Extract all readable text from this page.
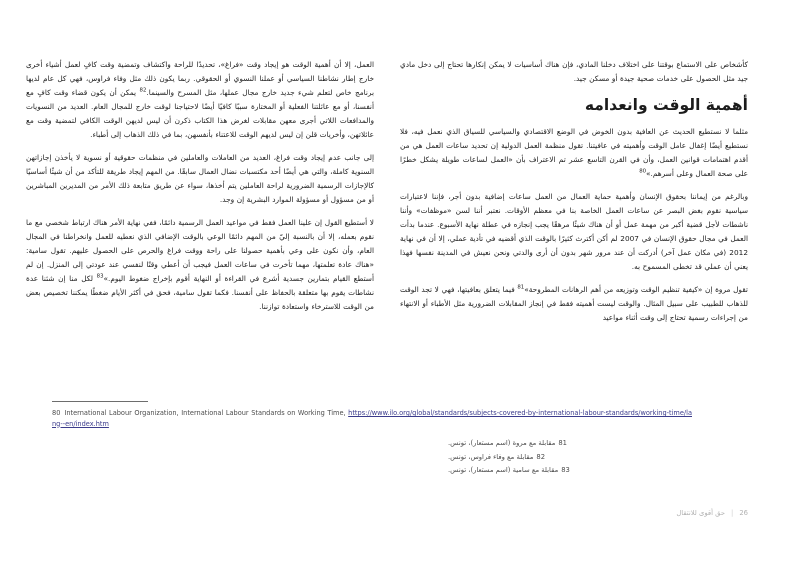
كأشخاص على الاستماع بوقتنا على اختلاف دخلنا المادي، فإن هناك أساسيات لا يمكن إنكارها تحتاج إلى دخل مادي جيد مثل الحصول على خدمات صحية جيدة أو مسكن جيد.

أهمية الوقت وانعدامه

مثلما لا نستطيع الحديث عن العافية بدون الخوض في الوضع الاقتصادي والسياسي للسياق الذي نعمل فيه، فلا نستطيع أيضًا إغفال عامل الوقت وأهميته في عافيتنا. تقول منظمة العمل الدولية إن تحديد ساعات العمل هي من أقدم اهتمامات قوانين العمل، وأن في القرن التاسع عشر تم الاعتراف بأن «العمل لساعات طويلة يشكل خطرًا على صحة العمال وعلى أسرهم.»$^{80}$

وبالرغم من إيماننا بحقوق الإنسان وأهمية حماية العمال من العمل ساعات إضافية بدون أجر، فإننا لاعتبارات سياسية نقوم بغض البصر عن ساعات العمل الخاصة بنا في معظم الأوقات. نعتبر أننا لسن «موظفات» وأننا ناشطات لأجل قضية أكبر من مهمة عمل أو أن هناك شيئًا مرهقًا يجب إنجازه في عطلة نهاية الأسبوع. عندما بدأت العمل في مجال حقوق الإنسان في 2007 لم أكن أكترث كثيرًا بالوقت الذي أقضيه في تأدية عملي، إلا أن في نهاية 2012 (في مكان عمل آخر) أدركت أن عند مرور شهر بدون أن أرى والدتي ونحن نعيش في المدينة نفسها فهذا يعني أن عملي قد تخطى المسموح به.

تقول مروة إن «كيفية تنظيم الوقت وتوزيعه من أهم الرهانات المطروحة»$^{81}$ فيما يتعلق بعافيتها، فهي لا تجد الوقت للذهاب للطبيب على سبيل المثال. والوقت ليست أهميته فقط في إنجاز المقابلات الضرورية مثل الأطباء أو الانتهاء من إجراءات رسمية تحتاج إلى وقت أثناء مواعيد

العمل، إلا أن أهمية الوقت هو إيجاد وقت «فراغ»، تحديدًا للراحة واكتشاف وتمضية وقت كافٍ لعمل أشياء أخرى خارج إطار نشاطنا السياسي أو عملنا النسوي أو الحقوقي. ربما يكون ذلك مثل وفاء فراوس، فهي كل عام لديها برنامج خاص لتعلم شيء جديد خارج مجال عملها، مثل المسرح والسينما.$^{82}$ يمكن أن يكون قضاء وقت كافٍ مع أنفسنا، أو مع عائلتنا الفعلية أو المختارة سببًا كافيًا أيضًا لاحتياجنا لوقت خارج للمجال العام. العديد من النسويات والمدافعات اللاتي أجرى معهن مقابلات لغرض هذا الكتاب ذكرن أن ليس لديهن الوقت الكافي لتمضية وقت مع عائلاتهن، وأخريات قلن إن ليس لديهم الوقت للاعتناء بأنفسهن، بما في ذلك الذهاب إلى أطباء.

إلى جانب عدم إيجاد وقت فراغ، العديد من العاملات والعاملين في منظمات حقوقية أو نسوية لا يأخذن إجازاتهن السنوية كاملة، والتي هي أيضًا أحد مكتسبات نضال العمال سابقًا. من المهم إيجاد طريقة للتأكد من أن شيئًا أساسيًا كالإجازات الرسمية الضرورية لراحة العاملين يتم أخذها، سواء عن طريق متابعة ذلك الأمر من المديرين المباشرين أو من مسؤول أو مسؤولة الموارد البشرية إن وجد.

لا أستطيع القول إن علينا العمل فقط في مواعيد العمل الرسمية دائمًا، ففي نهاية الأمر هناك ارتباط شخصي مع ما نقوم بعمله، إلا أن بالنسبة إليّ من المهم دائمًا الوعي بالوقت الإضافي الذي نعطيه للعمل وانخراطنا في المجال العام، وأن نكون على وعي بأهمية حصولنا على راحة ووقت فراغ والحرص على الحصول عليهم. تقول سامية: «هناك عادة تعلمتها، مهما تأخرت في ساعات العمل فيجب أن أعطي وقتًا لنفسي عند عودتي إلى المنزل. إن لم أستطع القيام بتمارين جسدية أشرع في القراءة أو النهاية أقوم بإخراج ضغوط اليوم.»$^{83}$ لكل منا إن شئنا عدة نشاطات يقوم بها متعلقة بالحفاظ على أنفسنا. فكما تقول سامية، فحق في أكثر الأيام ضغطًا يمكننا تخصيص بعض من الوقت للاسترخاء واستعادة توازننا.

80 International Labour Organization, International Labour Standards on Working Time, https://www.ilo.org/global/standards/subjects-covered-by-international-labour-standards/working-time/lang--en/index.htm

81مقابلة مع مروة (اسم مستعار)، تونس.

82مقابلة مع وفاء فراوس، تونس.

83مقابلة مع سامية (اسم مستعار)، تونس.

26
|
حق أقوى للانتقال
